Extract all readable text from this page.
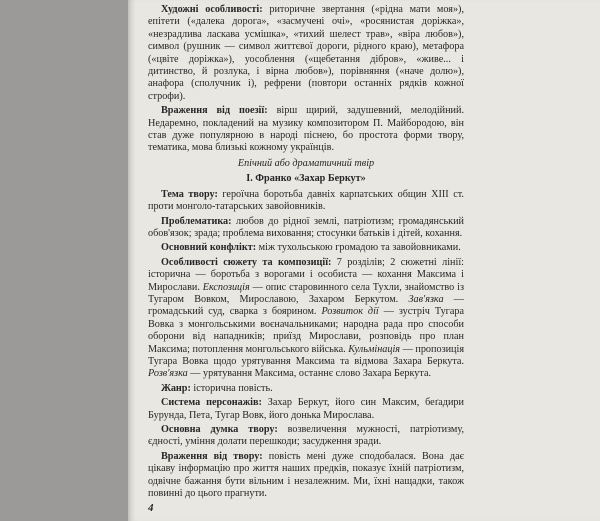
Художні особливості: риторичне звертання («рідна мати моя»), епітети («далека дорога», «засмучені очі», «росянистая доріжка», «незрадлива ласкава усмішка», «тихий шелест трав», «віра любов»), символ (рушник — символ життєвої дороги, рідного краю), метафора («цвіте доріжка»), уособлення («щебетання дібров», «живе... і дитинство, й розлука, і вірна любов»), порівняння («наче долю»), анафора (сполучник і), рефрени (повтори останніх рядків кожної строфи).

Враження від поезії: вірш щирий, задушевний, мелодійний. Недаремно, покладений на музику композитором П. Майбородою, він став дуже популярною в народі піснею, бо простота форми твору, тематика, мова близькі кожному українців.

Епічний або драматичний твір

І. Франко «Захар Беркут»

Тема твору: героїчна боротьба давніх карпатських общин XIII ст. проти монголо-татарських завойовників.

Проблематика: любов до рідної землі, патріотизм; громадянський обов'язок; зрада; проблема виховання; стосунки батьків і дітей, кохання.

Основний конфлікт: між тухольською громадою та завойовниками.

Особливості сюжету та композиції: 7 розділів; 2 сюжетні лінії: історична — боротьба з ворогами і особиста — кохання Максима і Мирослави. Експозиція — опис старовинного села Тухли, знайомство із Тугаром Вовком, Мирославою, Захаром Беркутом. Зав'язка — громадський суд, сварка з боярином. Розвиток дії — зустріч Тугара Вовка з монгольськими воєначальниками; народна рада про способи оборони від нападників; приїзд Мирослави, розповідь про план Максима; потоплення монгольського війська. Кульмінація — пропозиція Тугара Вовка щодо урятування Максима та відмова Захара Беркута. Розв'язка — урятування Максима, останнє слово Захара Беркута.

Жанр: історична повість.

Система персонажів: Захар Беркут, його син Максим, беґадири Бурунда, Пета, Тугар Вовк, його донька Мирослава.

Основна думка твору: возвеличення мужності, патріотизму, єдності, уміння долати перешкоди; засудження зради.

Враження від твору: повість мені дуже сподобалася. Вона дає цікаву інформацію про життя наших предків, показує їхній патріотизм, одвічне бажання бути вільним і незалежним. Ми, їхні нащадки, також повинні до цього прагнути.

4
